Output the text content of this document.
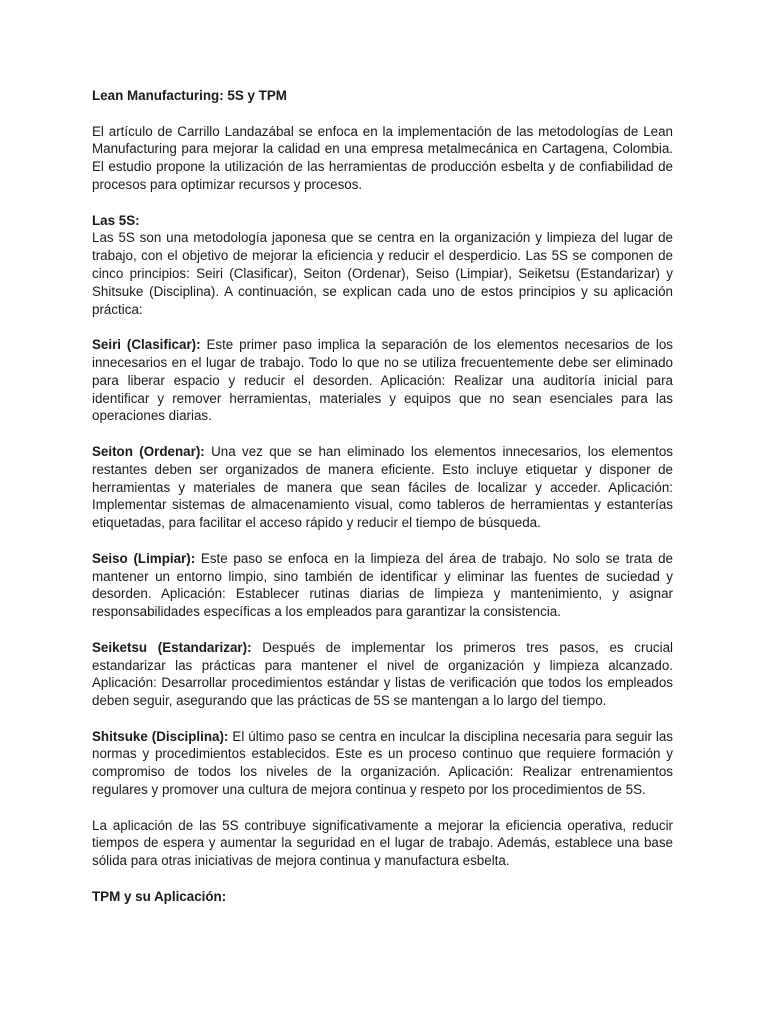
Lean Manufacturing: 5S y TPM

El artículo de Carrillo Landazábal se enfoca en la implementación de las metodologías de Lean Manufacturing para mejorar la calidad en una empresa metalmecánica en Cartagena, Colombia. El estudio propone la utilización de las herramientas de producción esbelta y de confiabilidad de procesos para optimizar recursos y procesos.

Las 5S:
Las 5S son una metodología japonesa que se centra en la organización y limpieza del lugar de trabajo, con el objetivo de mejorar la eficiencia y reducir el desperdicio. Las 5S se componen de cinco principios: Seiri (Clasificar), Seiton (Ordenar), Seiso (Limpiar), Seiketsu (Estandarizar) y Shitsuke (Disciplina). A continuación, se explican cada uno de estos principios y su aplicación práctica:

Seiri (Clasificar): Este primer paso implica la separación de los elementos necesarios de los innecesarios en el lugar de trabajo. Todo lo que no se utiliza frecuentemente debe ser eliminado para liberar espacio y reducir el desorden. Aplicación: Realizar una auditoría inicial para identificar y remover herramientas, materiales y equipos que no sean esenciales para las operaciones diarias.

Seiton (Ordenar): Una vez que se han eliminado los elementos innecesarios, los elementos restantes deben ser organizados de manera eficiente. Esto incluye etiquetar y disponer de herramientas y materiales de manera que sean fáciles de localizar y acceder. Aplicación: Implementar sistemas de almacenamiento visual, como tableros de herramientas y estanterías etiquetadas, para facilitar el acceso rápido y reducir el tiempo de búsqueda.

Seiso (Limpiar): Este paso se enfoca en la limpieza del área de trabajo. No solo se trata de mantener un entorno limpio, sino también de identificar y eliminar las fuentes de suciedad y desorden. Aplicación: Establecer rutinas diarias de limpieza y mantenimiento, y asignar responsabilidades específicas a los empleados para garantizar la consistencia.

Seiketsu (Estandarizar): Después de implementar los primeros tres pasos, es crucial estandarizar las prácticas para mantener el nivel de organización y limpieza alcanzado. Aplicación: Desarrollar procedimientos estándar y listas de verificación que todos los empleados deben seguir, asegurando que las prácticas de 5S se mantengan a lo largo del tiempo.

Shitsuke (Disciplina): El último paso se centra en inculcar la disciplina necesaria para seguir las normas y procedimientos establecidos. Este es un proceso continuo que requiere formación y compromiso de todos los niveles de la organización. Aplicación: Realizar entrenamientos regulares y promover una cultura de mejora continua y respeto por los procedimientos de 5S.

La aplicación de las 5S contribuye significativamente a mejorar la eficiencia operativa, reducir tiempos de espera y aumentar la seguridad en el lugar de trabajo. Además, establece una base sólida para otras iniciativas de mejora continua y manufactura esbelta.

TPM y su Aplicación:
